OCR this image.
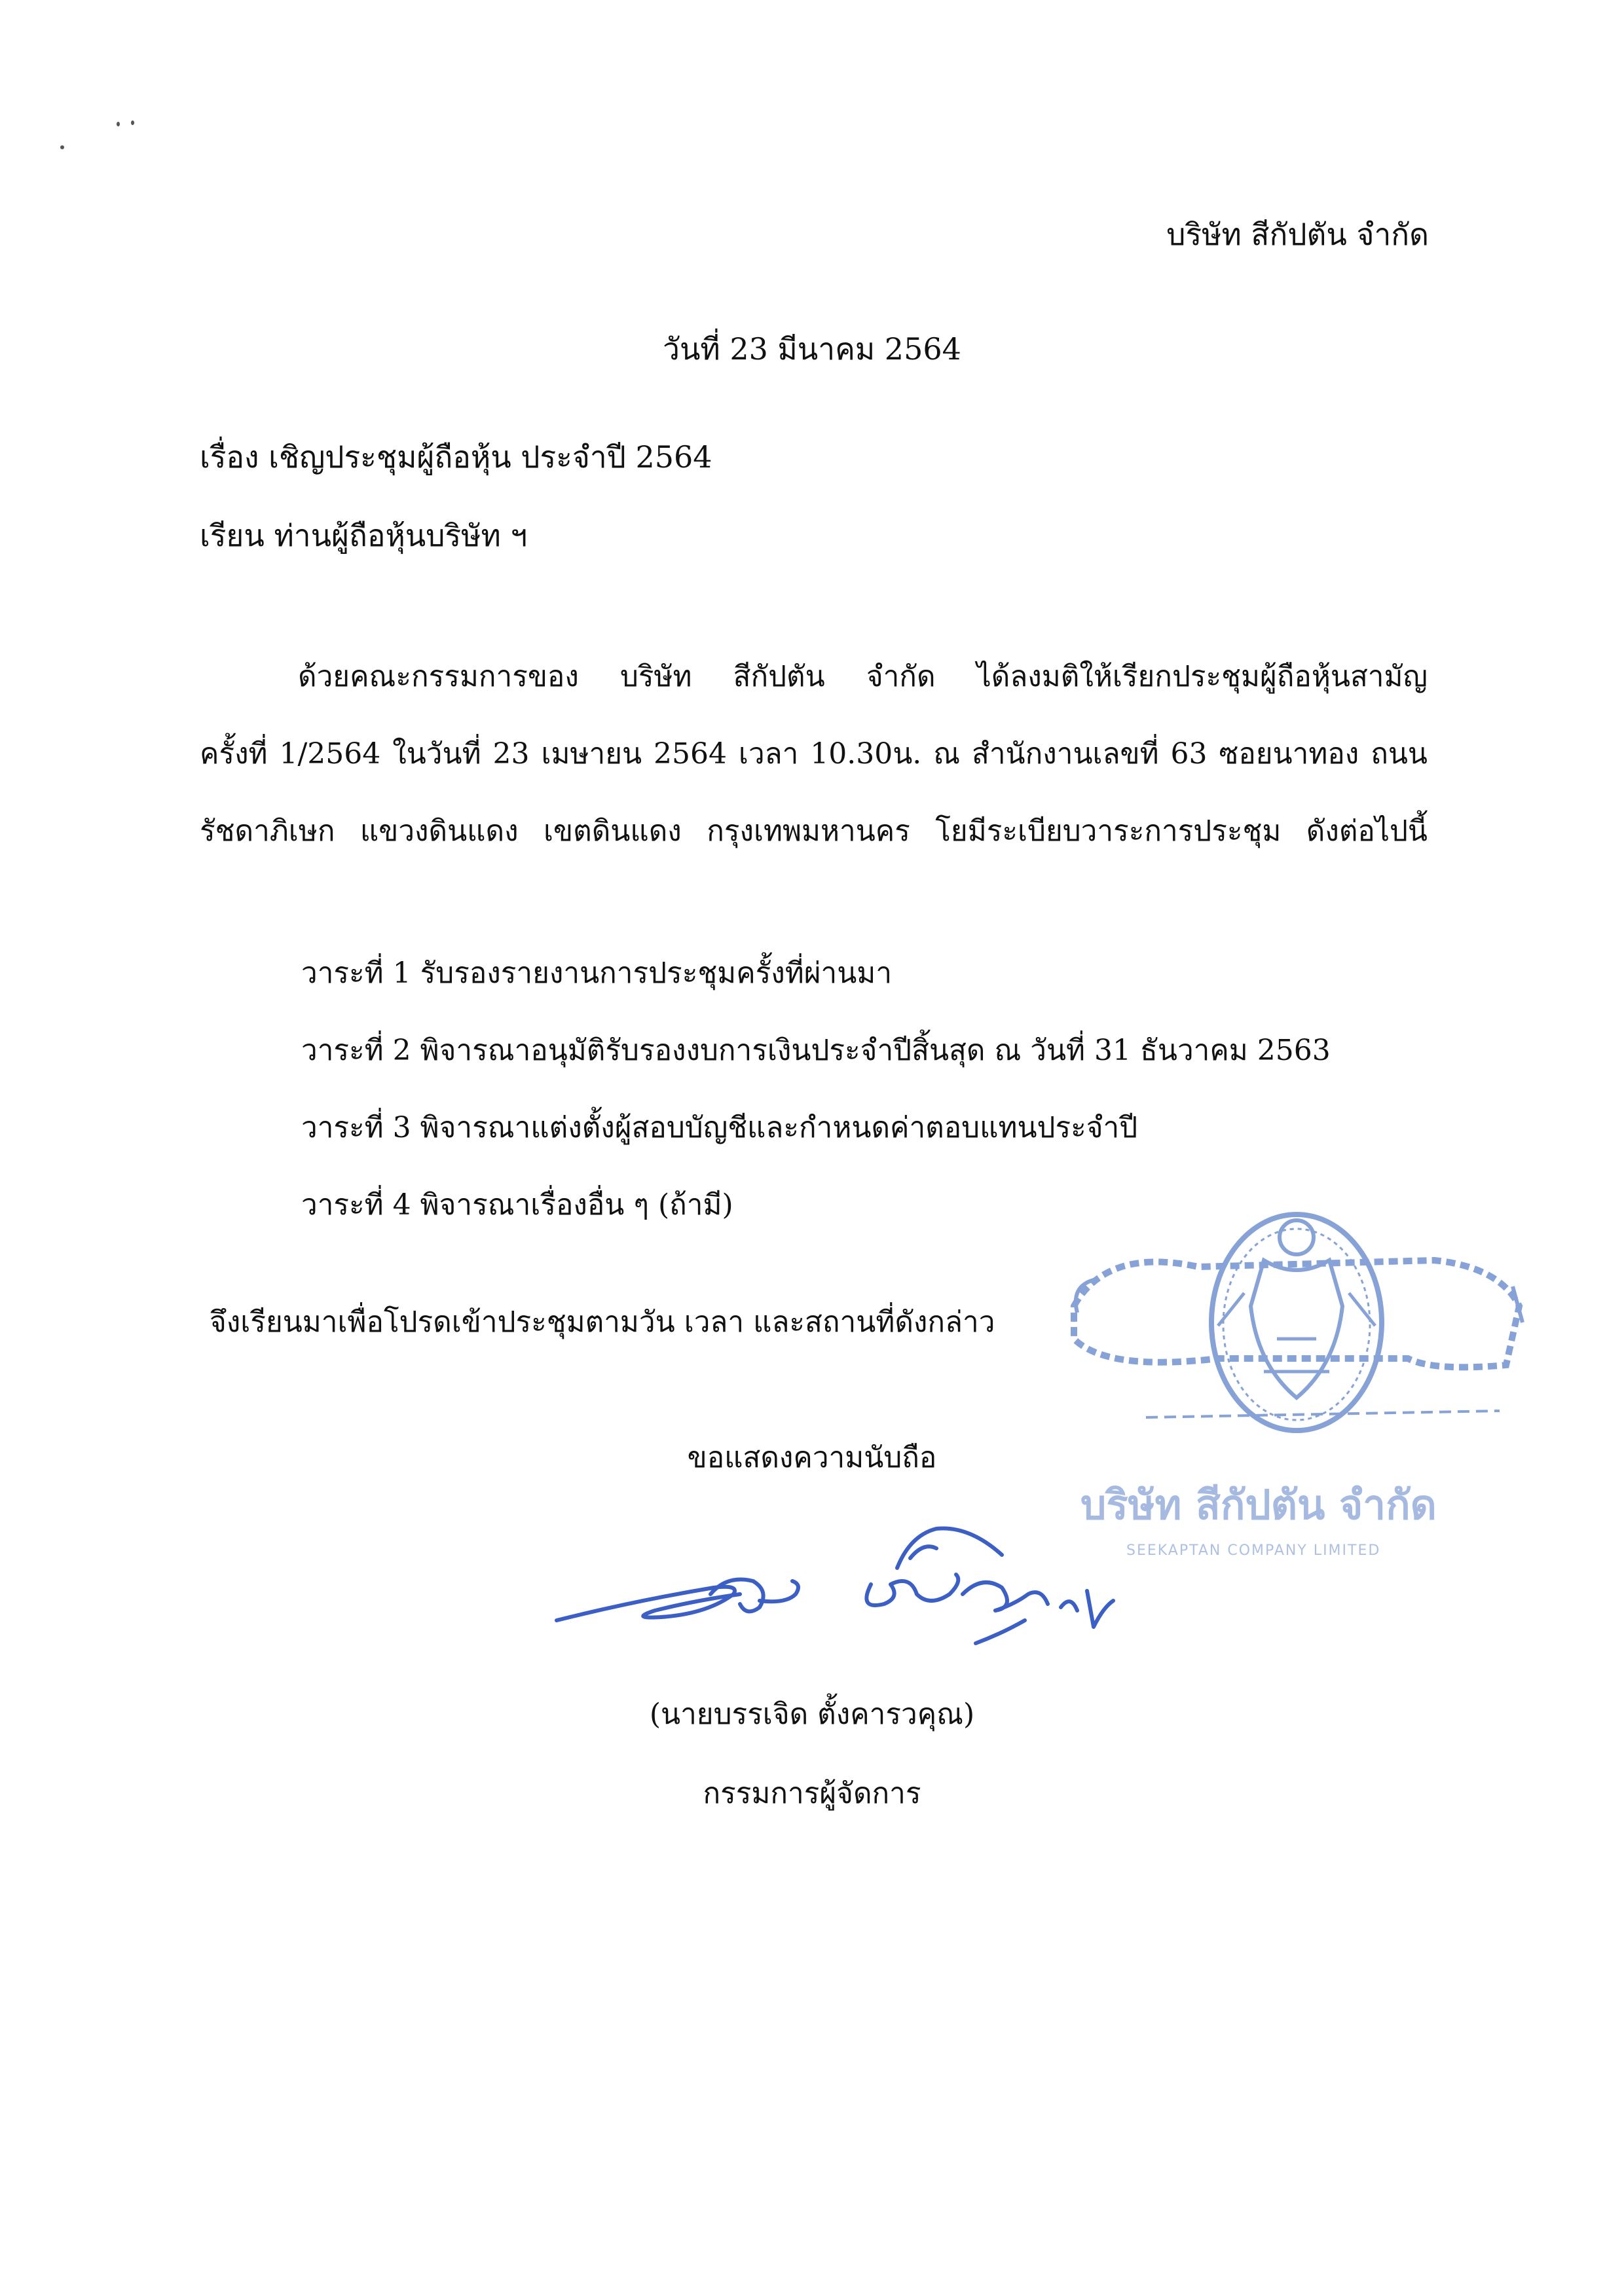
บริษัท สีกัปตัน จำกัด
วันที่ 23 มีนาคม 2564
เรื่อง เชิญประชุมผู้ถือหุ้น ประจำปี 2564
เรียน ท่านผู้ถือหุ้นบริษัท ฯ
ด้วยคณะกรรมการของ บริษัท สีกัปตัน จำกัด ได้ลงมติให้เรียกประชุมผู้ถือหุ้นสามัญ
ครั้งที่ 1/2564 ในวันที่ 23 เมษายน 2564 เวลา 10.30น. ณ สำนักงานเลขที่ 63 ซอยนาทอง ถนน
รัชดาภิเษก แขวงดินแดง เขตดินแดง กรุงเทพมหานคร โยมีระเบียบวาระการประชุม ดังต่อไปนี้
วาระที่ 1 รับรองรายงานการประชุมครั้งที่ผ่านมา
วาระที่ 2 พิจารณาอนุมัติรับรองงบการเงินประจำปีสิ้นสุด ณ วันที่ 31 ธันวาคม 2563
วาระที่ 3 พิจารณาแต่งตั้งผู้สอบบัญชีและกำหนดค่าตอบแทนประจำปี
วาระที่ 4 พิจารณาเรื่องอื่น ๆ (ถ้ามี)
จึงเรียนมาเพื่อโปรดเข้าประชุมตามวัน เวลา และสถานที่ดังกล่าว
บริษัท สีกัปตัน จำกัด
SEEKAPTAN COMPANY LIMITED
ขอแสดงความนับถือ
(นายบรรเจิด ตั้งคารวคุณ)
กรรมการผู้จัดการ
